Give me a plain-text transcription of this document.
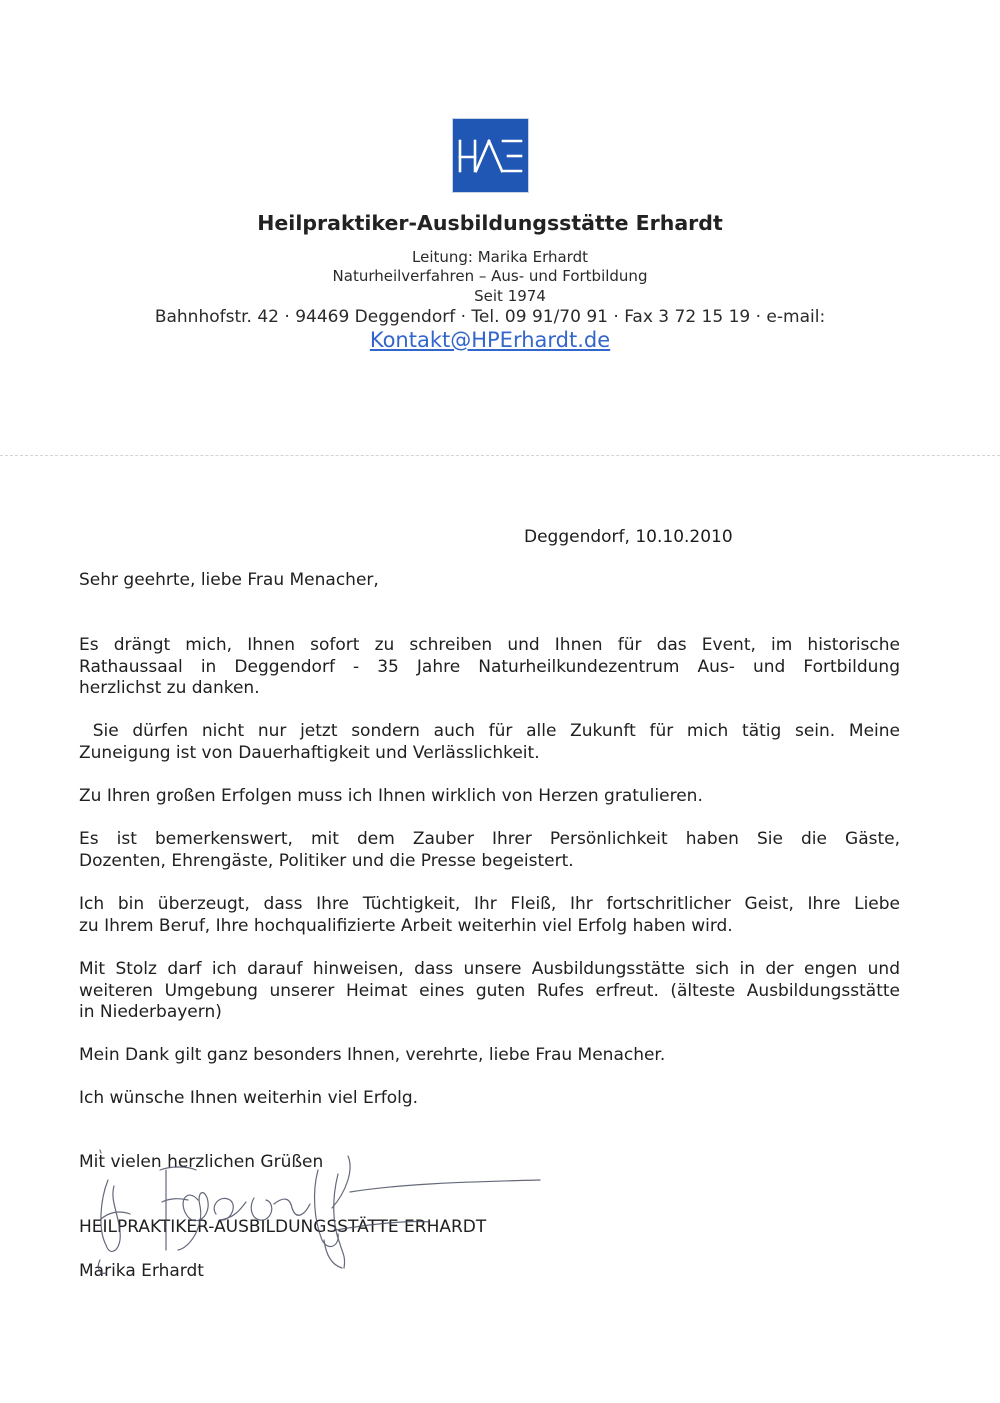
Heilpraktiker-Ausbildungsstätte Erhardt
Leitung: Marika Erhardt
Naturheilverfahren – Aus- und Fortbildung
Seit 1974
Bahnhofstr. 42 · 94469 Deggendorf · Tel. 09 91/70 91 · Fax 3 72 15 19 · e-mail:
Kontakt@HPErhardt.de
Deggendorf, 10.10.2010
Sehr geehrte, liebe Frau Menacher,
Es drängt mich, Ihnen sofort zu schreiben und Ihnen für das Event, im historische
Rathaussaal in Deggendorf - 35 Jahre Naturheilkundezentrum Aus- und Fortbildung
herzlichst zu danken.
Sie dürfen nicht nur jetzt sondern auch für alle Zukunft für mich tätig sein. Meine
Zuneigung ist von Dauerhaftigkeit und Verlässlichkeit.
Zu Ihren großen Erfolgen muss ich Ihnen wirklich von Herzen gratulieren.
Es ist bemerkenswert, mit dem Zauber Ihrer Persönlichkeit haben Sie die Gäste,
Dozenten, Ehrengäste, Politiker und die Presse begeistert.
Ich bin überzeugt, dass Ihre Tüchtigkeit, Ihr Fleiß, Ihr fortschritlicher Geist, Ihre Liebe
zu Ihrem Beruf, Ihre hochqualifizierte Arbeit weiterhin viel Erfolg haben wird.
Mit Stolz darf ich darauf hinweisen, dass unsere Ausbildungsstätte sich in der engen und
weiteren Umgebung unserer Heimat eines guten Rufes erfreut. (älteste Ausbildungsstätte
in Niederbayern)
Mein Dank gilt ganz besonders Ihnen, verehrte, liebe Frau Menacher.
Ich wünsche Ihnen weiterhin viel Erfolg.
Mit vielen herzlichen Grüßen
HEILPRAKTIKER-AUSBILDUNGSSTÄTTE ERHARDT
Marika Erhardt
